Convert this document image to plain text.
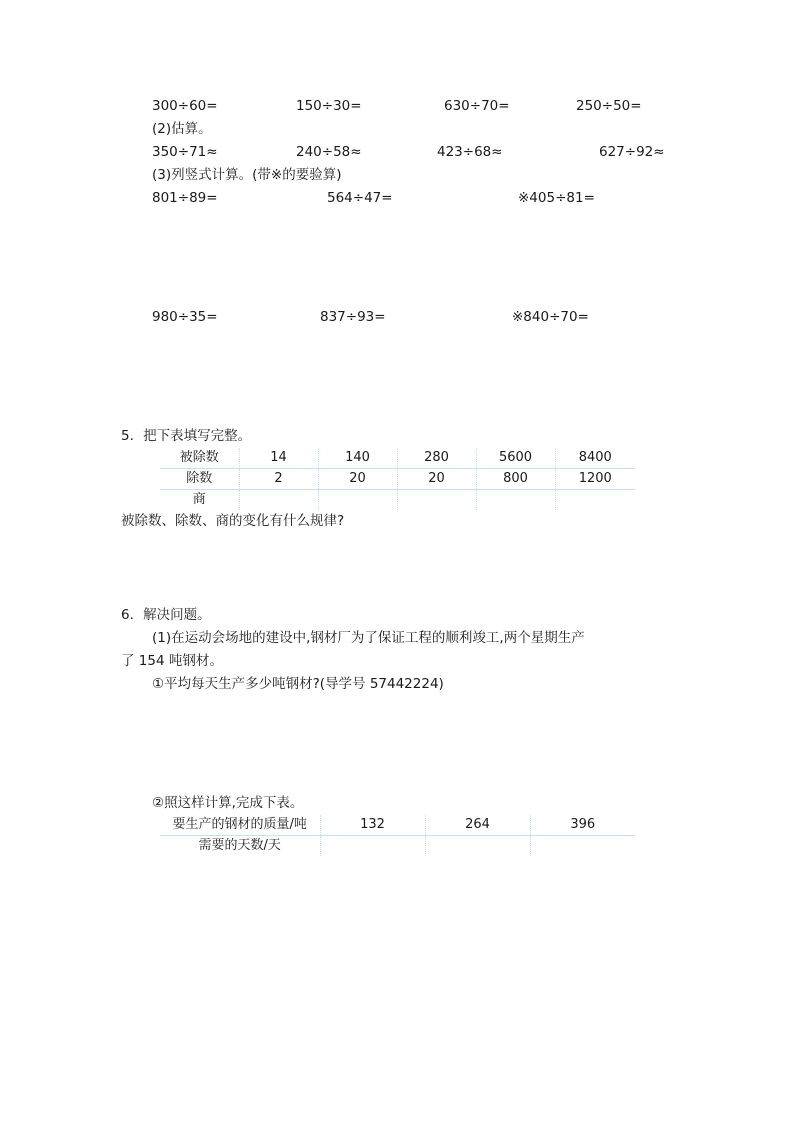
300÷60=	150÷30=	630÷70=	250÷50=
(2)估算。
350÷71≈	240÷58≈	423÷68≈	627÷92≈
(3)列竖式计算。(带※的要验算)
801÷89=	564÷47=	※405÷81=
980÷35=	837÷93=	※840÷70=
5．把下表填写完整。
被除数	14	140	280	5600	8400
除数	2	20	20	800	1200
商					
被除数、除数、商的变化有什么规律?
6．解决问题。
(1)在运动会场地的建设中,钢材厂为了保证工程的顺利竣工,两个星期生产
了 154 吨钢材。
①平均每天生产多少吨钢材?(导学号 57442224)
②照这样计算,完成下表。
要生产的钢材的质量/吨	132	264	396
需要的天数/天			
